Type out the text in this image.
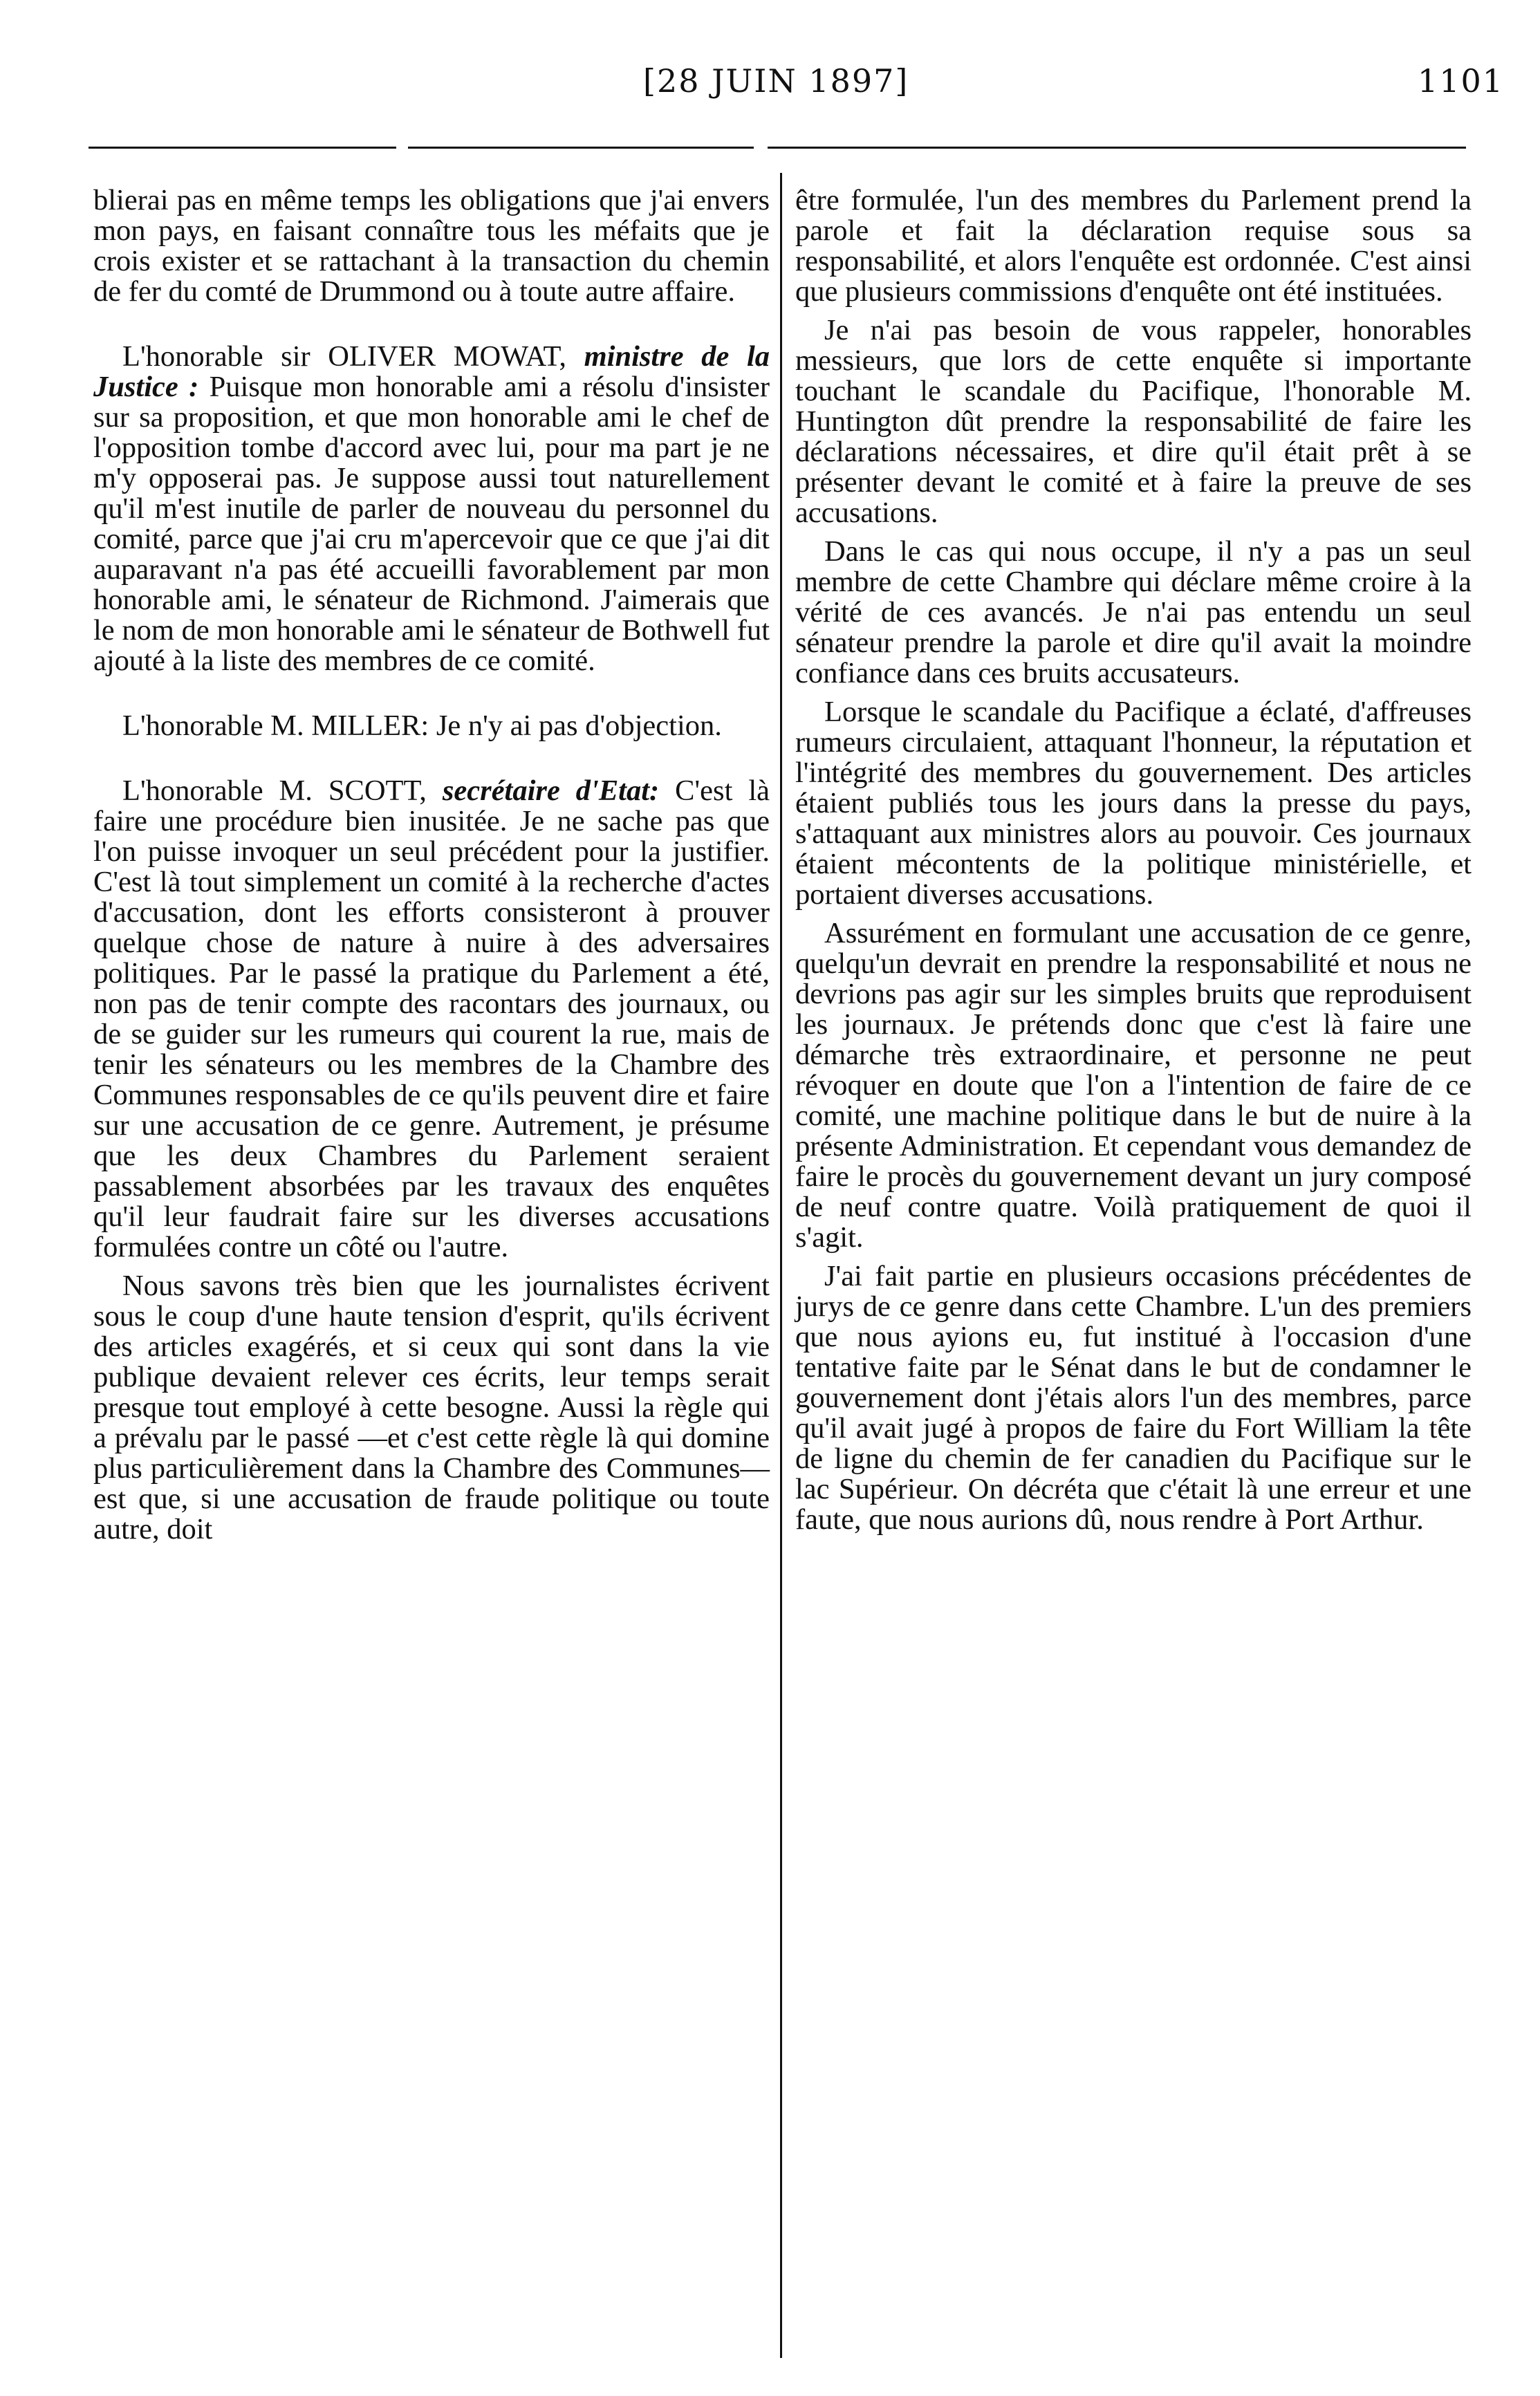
[28 JUIN 1897]	1101

blierai pas en même temps les obligations que j'ai envers mon pays, en faisant connaître tous les méfaits que je crois exister et se rattachant à la transaction du chemin de fer du comté de Drummond ou à toute autre affaire.

L'honorable sir OLIVER MOWAT, ministre de la Justice : Puisque mon honorable ami a résolu d'insister sur sa proposition, et que mon honorable ami le chef de l'opposition tombe d'accord avec lui, pour ma part je ne m'y opposerai pas. Je suppose aussi tout naturellement qu'il m'est inutile de parler de nouveau du personnel du comité, parce que j'ai cru m'apercevoir que ce que j'ai dit auparavant n'a pas été accueilli favorablement par mon honorable ami, le sénateur de Richmond. J'aimerais que le nom de mon honorable ami le sénateur de Bothwell fut ajouté à la liste des membres de ce comité.

L'honorable M. MILLER: Je n'y ai pas d'objection.

L'honorable M. SCOTT, secrétaire d'Etat: C'est là faire une procédure bien inusitée. Je ne sache pas que l'on puisse invoquer un seul précédent pour la justifier. C'est là tout simplement un comité à la recherche d'actes d'accusation, dont les efforts consisteront à prouver quelque chose de nature à nuire à des adversaires politiques. Par le passé la pratique du Parlement a été, non pas de tenir compte des racontars des journaux, ou de se guider sur les rumeurs qui courent la rue, mais de tenir les sénateurs ou les membres de la Chambre des Communes responsables de ce qu'ils peuvent dire et faire sur une accusation de ce genre. Autrement, je présume que les deux Chambres du Parlement seraient passablement absorbées par les travaux des enquêtes qu'il leur faudrait faire sur les diverses accusations formulées contre un côté ou l'autre.

Nous savons très bien que les journalistes écrivent sous le coup d'une haute tension d'esprit, qu'ils écrivent des articles exagérés, et si ceux qui sont dans la vie publique devaient relever ces écrits, leur temps serait presque tout employé à cette besogne. Aussi la règle qui a prévalu par le passé —et c'est cette règle là qui domine plus particulièrement dans la Chambre des Communes—est que, si une accusation de fraude politique ou toute autre, doit

être formulée, l'un des membres du Parlement prend la parole et fait la déclaration requise sous sa responsabilité, et alors l'enquête est ordonnée. C'est ainsi que plusieurs commissions d'enquête ont été instituées.

Je n'ai pas besoin de vous rappeler, honorables messieurs, que lors de cette enquête si importante touchant le scandale du Pacifique, l'honorable M. Huntington dût prendre la responsabilité de faire les déclarations nécessaires, et dire qu'il était prêt à se présenter devant le comité et à faire la preuve de ses accusations.

Dans le cas qui nous occupe, il n'y a pas un seul membre de cette Chambre qui déclare même croire à la vérité de ces avancés. Je n'ai pas entendu un seul sénateur prendre la parole et dire qu'il avait la moindre confiance dans ces bruits accusateurs.

Lorsque le scandale du Pacifique a éclaté, d'affreuses rumeurs circulaient, attaquant l'honneur, la réputation et l'intégrité des membres du gouvernement. Des articles étaient publiés tous les jours dans la presse du pays, s'attaquant aux ministres alors au pouvoir. Ces journaux étaient mécontents de la politique ministérielle, et portaient diverses accusations.

Assurément en formulant une accusation de ce genre, quelqu'un devrait en prendre la responsabilité et nous ne devrions pas agir sur les simples bruits que reproduisent les journaux. Je prétends donc que c'est là faire une démarche très extraordinaire, et personne ne peut révoquer en doute que l'on a l'intention de faire de ce comité, une machine politique dans le but de nuire à la présente Administration. Et cependant vous demandez de faire le procès du gouvernement devant un jury composé de neuf contre quatre. Voilà pratiquement de quoi il s'agit.

J'ai fait partie en plusieurs occasions précédentes de jurys de ce genre dans cette Chambre. L'un des premiers que nous ayions eu, fut institué à l'occasion d'une tentative faite par le Sénat dans le but de condamner le gouvernement dont j'étais alors l'un des membres, parce qu'il avait jugé à propos de faire du Fort William la tête de ligne du chemin de fer canadien du Pacifique sur le lac Supérieur. On décréta que c'était là une erreur et une faute, que nous aurions dû, nous rendre à Port Arthur.
